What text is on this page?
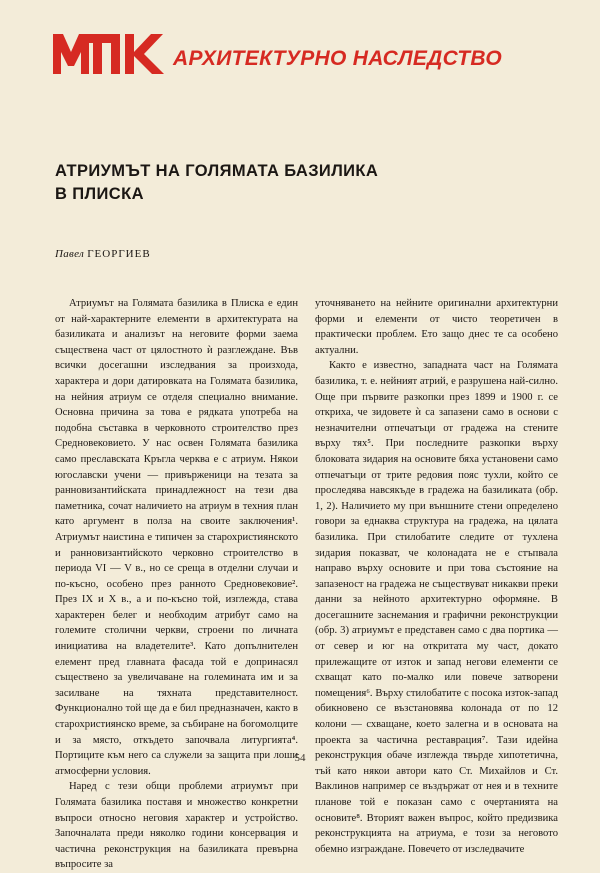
АРХИТЕКТУРНО НАСЛЕДСТВО
АТРИУМЪТ НА ГОЛЯМАТА БАЗИЛИКА
В ПЛИСКА
Павел ГЕОРГИЕВ

Атриумът на Голямата базилика в Плиска е един от най-характерните елементи в архитектурата на базиликата и анализът на неговите форми заема съществена част от цялостното ѝ разглеждане. Във всички досегашни изследвания за произхода, характера и дори датировката на Голямата базилика, на нейния атриум се отделя специално внимание. Основна причина за това е рядката употреба на подобна съставка в черковното строителство през Средновековието. У нас освен Голямата базилика само преславската Кръгла черква е с атриум. Някои югославски учени — привърженици на тезата за ранновизантийската принадлежност на тези два паметника, сочат наличието на атриум в техния план като аргумент в полза на своите заключения¹. Атриумът наистина е типичен за старохристиянското и ранновизантийското черковно строителство в периода VI — V в., но се среща в отделни случаи и по-късно, особено през ранното Средновековие². През IX и X в., а и по-късно той, изглежда, става характерен белег и необходим атрибут само на големите столични черкви, строени по личната инициатива на владетелите³. Като допълнителен елемент пред главната фасада той е допринасял съществено за увеличаване на големината им и за засилване на тяхната представителност. Функционално той ще да е бил предназначен, както в старохристиянско време, за събиране на богомолците и за място, откъдето започвала литургията⁴. Портиците към него са служели за защита при лоши атмосферни условия.

Наред с тези общи проблеми атриумът при Голямата базилика поставя и множество конкретни въпроси относно неговия характер и устройство. Започналата преди няколко години консервация и частична реконструкция на базиликата превърна въпросите за

уточняването на нейните оригинални архитектурни форми и елементи от чисто теоретичен в практически проблем. Ето защо днес те са особено актуални.

Както е известно, западната част на Голямата базилика, т. е. нейният атрий, е разрушена най-силно. Още при първите разкопки през 1899 и 1900 г. се откриха, че зидовете ѝ са запазени само в основи с незначителни отпечатъци от градежа на стените върху тях⁵. При последните разкопки върху блоковата зидария на основите бяха установени само отпечатъци от трите редовия пояс тухли, който се проследява навсякъде в градежа на базиликата (обр. 1, 2). Наличието му при външните стени определено говори за еднаква структура на градежа, на цялата базилика. При стилобатите следите от тухлена зидария показват, че колонадата не е стъпвала направо върху основите и при това състояние на запазеност на градежа не съществуват никакви преки данни за нейното архитектурно оформяне. В досегашните заснемания и графични реконструкции (обр. 3) атриумът е представен само с два портика — от север и юг на откритата му част, докато прилежащите от изток и запад негови елементи се схващат като по-малко или повече затворени помещения⁶. Върху стилобатите с посока изток-запад обикновено се възстановява колонада от по 12 колони — схващане, което залегна и в основата на проекта за частична реставрация⁷. Тази идейна реконструкция обаче изглежда твърде хипотетична, тъй като някои автори като Ст. Михайлов и Ст. Ваклинов например се въздържат от нея и в техните планове той е показан само с очертанията на основите⁸. Вторият важен въпрос, който предизвика реконструкцията на атриума, е този за неговото обемно изграждане. Повечето от изследвачите

54
